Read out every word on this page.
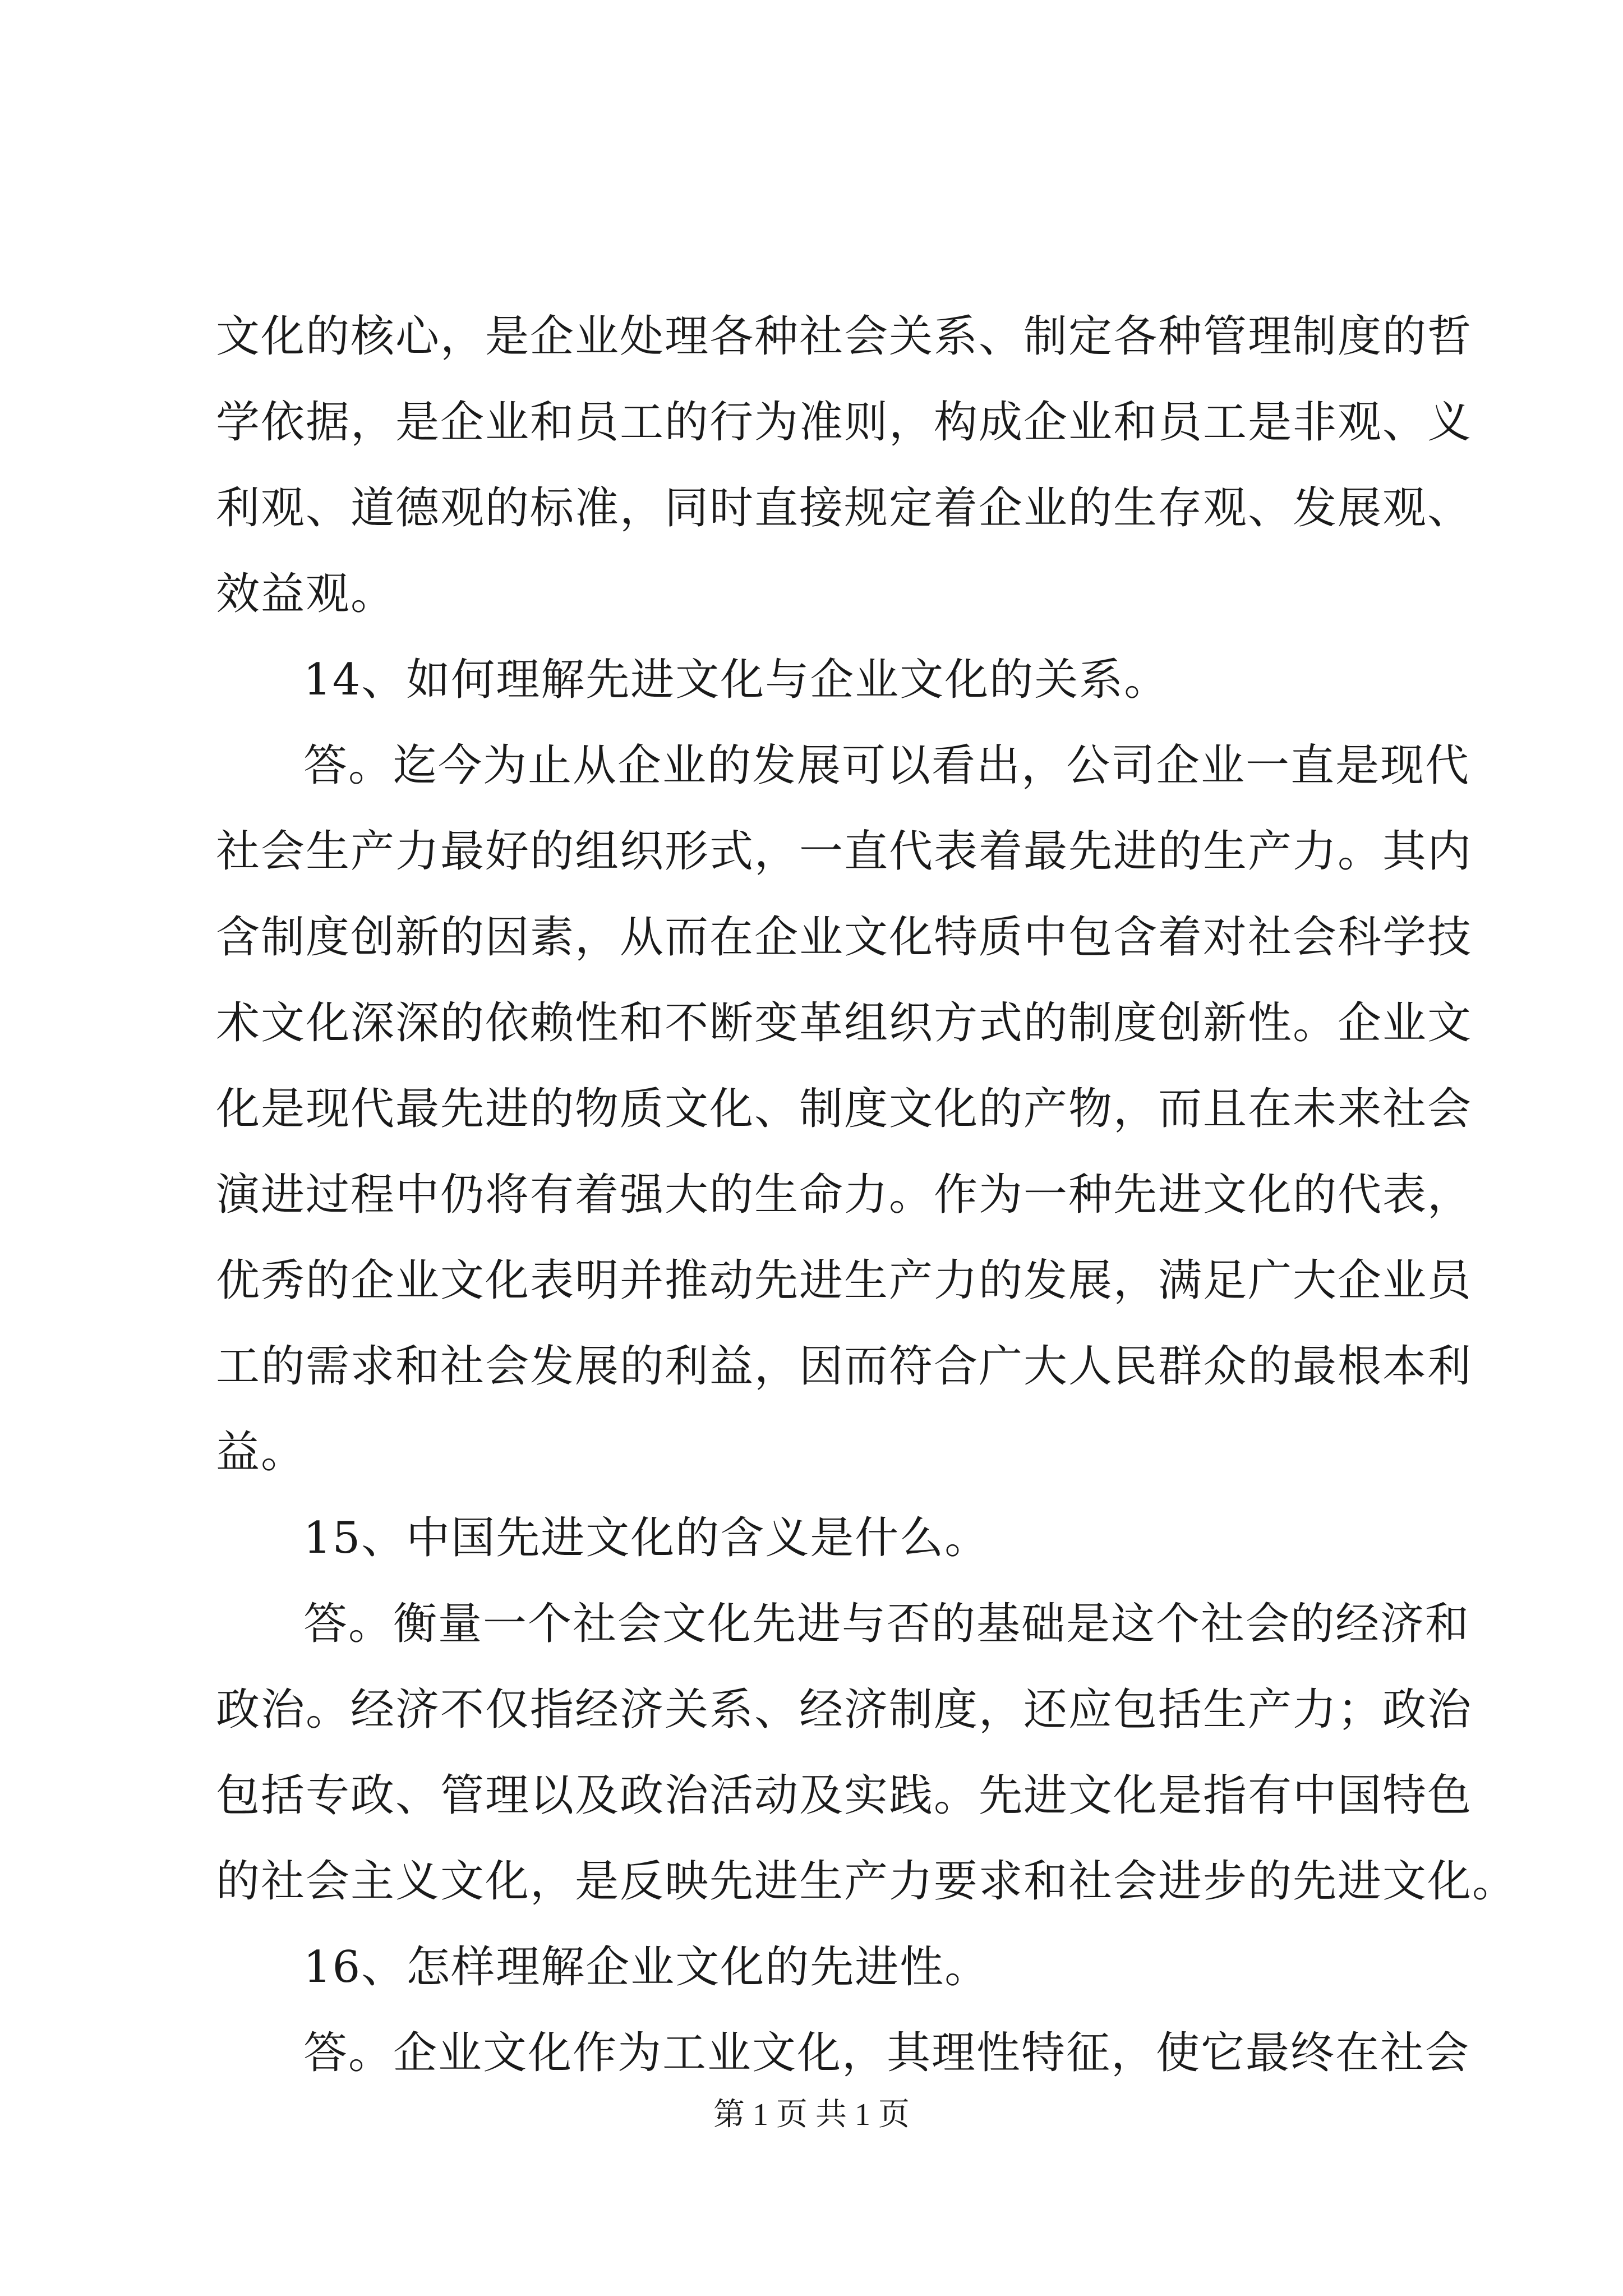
文化的核心，是企业处理各种社会关系、制定各种管理制度的哲
学依据，是企业和员工的行为准则，构成企业和员工是非观、义
利观、道德观的标准，同时直接规定着企业的生存观、发展观、
效益观。
14、如何理解先进文化与企业文化的关系。
答。迄今为止从企业的发展可以看出，公司企业一直是现代
社会生产力最好的组织形式，一直代表着最先进的生产力。其内
含制度创新的因素，从而在企业文化特质中包含着对社会科学技
术文化深深的依赖性和不断变革组织方式的制度创新性。企业文
化是现代最先进的物质文化、制度文化的产物，而且在未来社会
演进过程中仍将有着强大的生命力。作为一种先进文化的代表，
优秀的企业文化表明并推动先进生产力的发展，满足广大企业员
工的需求和社会发展的利益，因而符合广大人民群众的最根本利
益。
15、中国先进文化的含义是什么。
答。衡量一个社会文化先进与否的基础是这个社会的经济和
政治。经济不仅指经济关系、经济制度，还应包括生产力；政治
包括专政、管理以及政治活动及实践。先进文化是指有中国特色
的社会主义文化，是反映先进生产力要求和社会进步的先进文化。
16、怎样理解企业文化的先进性。
答。企业文化作为工业文化，其理性特征，使它最终在社会
第 1 页 共 1 页
